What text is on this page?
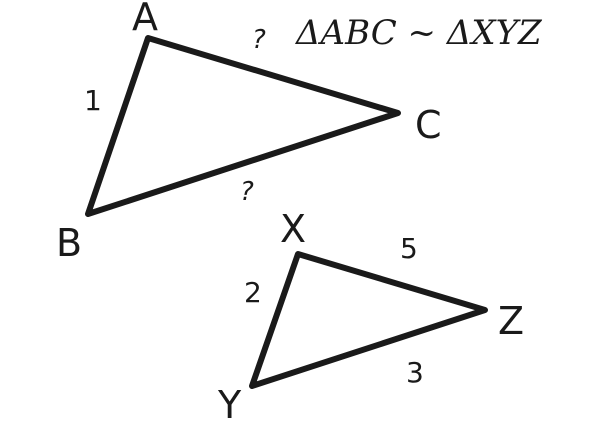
A
B
C
1
?
?
X
Y
Z
2
5
3
ΔABC ~ ΔXYZ
